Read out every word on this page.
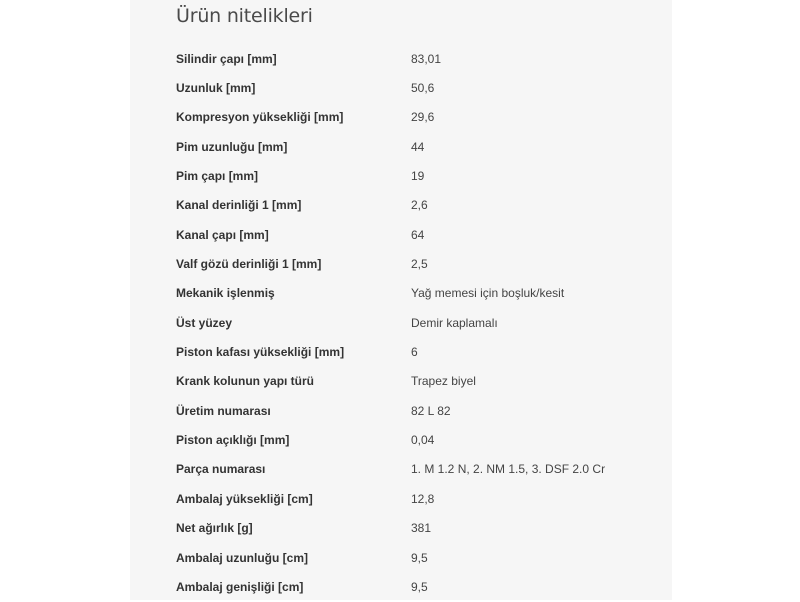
Ürün nitelikleri
Silindir çapı [mm]	83,01
Uzunluk [mm]	50,6
Kompresyon yüksekliği [mm]	29,6
Pim uzunluğu [mm]	44
Pim çapı [mm]	19
Kanal derinliği 1 [mm]	2,6
Kanal çapı [mm]	64
Valf gözü derinliği 1 [mm]	2,5
Mekanik işlenmiş	Yağ memesi için boşluk/kesit
Üst yüzey	Demir kaplamalı
Piston kafası yüksekliği [mm]	6
Krank kolunun yapı türü	Trapez biyel
Üretim numarası	82 L 82
Piston açıklığı [mm]	0,04
Parça numarası	1. M 1.2 N, 2. NM 1.5, 3. DSF 2.0 Cr
Ambalaj yüksekliği [cm]	12,8
Net ağırlık [g]	381
Ambalaj uzunluğu [cm]	9,5
Ambalaj genişliği [cm]	9,5
